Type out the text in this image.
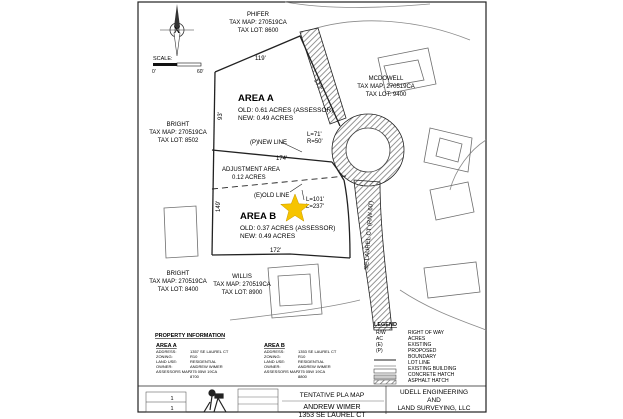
N
SCALE:
0'	60'
119'
177'
174'
93'
149'
172'
L=71'
R=50'
L=101'
L=237'	SE LAUREL CT (R/W 60')
PHIFER
TAX MAP: 270519CA
TAX LOT: 8600
MCDOWELL
TAX MAP: 270519CA
TAX LOT: 9400
BRIGHT
TAX MAP: 270519CA
TAX LOT: 8502
BRIGHT
TAX MAP: 270519CA
TAX LOT: 8400
WILLIS
TAX MAP: 270519CA
TAX LOT: 8900
AREA A
OLD: 0.61 ACRES (ASSESSOR)
NEW: 0.49 ACRES
(P)NEW LINE
ADJUSTMENT AREA
0.12 ACRES
(E)OLD LINE
AREA B
OLD: 0.37 ACRES (ASSESSOR)
NEW: 0.49 ACRES
LEGEND
R/W
AC
(E)
(P)
RIGHT OF WAY
ACRES
EXISTING
PROPOSED
BOUNDARY
LOT LINE
EXISTING BUILDING
CONCRETE HATCH
ASPHALT HATCH
PROPERTY INFORMATION
AREA A
ADDRESS:
ZONING:
LAND USE:
OWNER:
ASSESSORS MAP:
1357 SE LAUREL CT
R10
RESIDENTIAL
ANDREW WIMER
275 05W 19CA
8700
AREA B
ADDRESS:
ZONING:
LAND USE:
OWNER:
ASSESSORS MAP:
1353 SE LAUREL CT
R10
RESIDENTIAL
ANDREW WIMER
275 05W 19CA
8800
1
1
TENTATIVE PLA MAP
ANDREW WIMER
1353 SE LAUREL CT
UDELL ENGINEERING
AND
LAND SURVEYING, LLC
